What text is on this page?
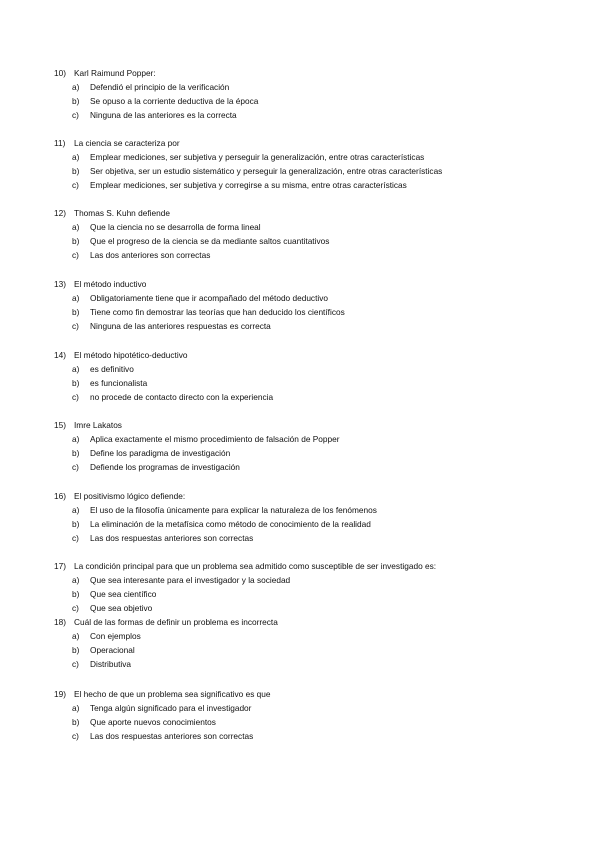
10) Karl Raimund Popper:
a)	Defendió el principio de la verificación
b)	Se opuso a la corriente deductiva de la época
c)	Ninguna de las anteriores es la correcta
11)	La ciencia se caracteriza por
a)	Emplear mediciones, ser subjetiva y perseguir la generalización, entre otras características
b)	Ser objetiva, ser un estudio sistemático y perseguir la generalización, entre otras características
c)	Emplear mediciones, ser subjetiva y corregirse a su misma, entre otras características
12) Thomas S. Kuhn defiende
a)	Que la ciencia no se desarrolla de forma lineal
b)	Que el progreso de la ciencia se da mediante saltos cuantitativos
c)	Las dos anteriores son correctas
13) El método inductivo
a)	Obligatoriamente tiene que ir acompañado del método deductivo
b)	Tiene como fin demostrar las teorías que han deducido los científicos
c)	Ninguna de las anteriores respuestas es correcta
14) El método hipotético-deductivo
a)	es definitivo
b)	es funcionalista
c)	no procede de contacto directo con la experiencia
15) Imre Lakatos
a)	Aplica exactamente el mismo procedimiento de falsación de Popper
b)	Define los paradigma de investigación
c)	Defiende los programas de investigación
16) El positivismo lógico defiende:
a)	El uso de la filosofía únicamente para explicar la naturaleza de los fenómenos
b)	La eliminación de la metafísica como método de conocimiento de la realidad
c)	Las dos respuestas anteriores son correctas
17) La condición principal para que un problema sea admitido como susceptible de ser investigado es:
a)	Que sea interesante para el investigador y la sociedad
b)	Que sea científico
c)	Que sea objetivo
18) Cuál de las formas de definir un problema es incorrecta
a)	Con ejemplos
b)	Operacional
c)	Distributiva
19) El hecho de que un problema sea significativo es que
a)	Tenga algún significado para el investigador
b)	Que aporte nuevos conocimientos
c)	Las dos respuestas anteriores son correctas
